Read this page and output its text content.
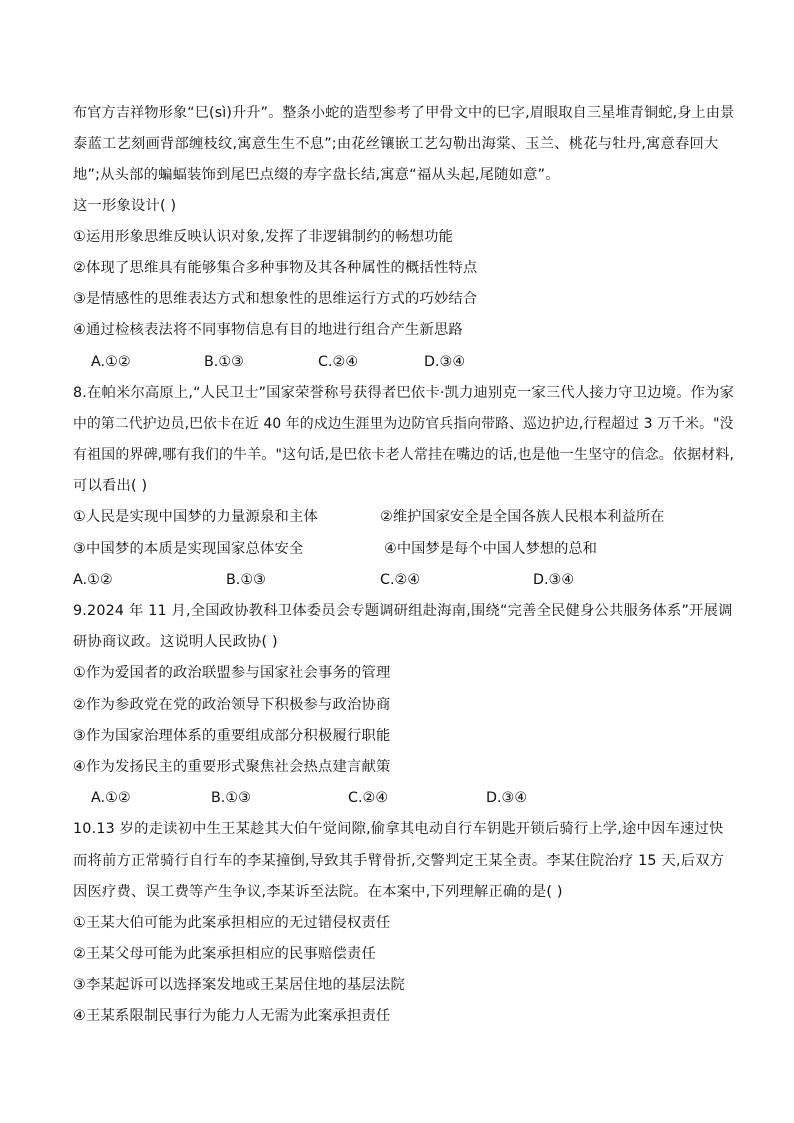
布官方吉祥物形象“巳(sì)升升”。整条小蛇的造型参考了甲骨文中的巳字,眉眼取自三星堆青铜蛇,身上由景
泰蓝工艺刻画背部缠枝纹,寓意生生不息”;由花丝镶嵌工艺勾勒出海棠、玉兰、桃花与牡丹,寓意春回大
地”;从头部的蝙蝠装饰到尾巴点缀的寿字盘长结,寓意“福从头起,尾随如意”。
这一形象设计( )
①运用形象思维反映认识对象,发挥了非逻辑制约的畅想功能
②体现了思维具有能够集合多种事物及其各种属性的概括性特点
③是情感性的思维表达方式和想象性的思维运行方式的巧妙结合
④通过检核表法将不同事物信息有目的地进行组合产生新思路
A.①②	B.①③	C.②④	D.③④
8.在帕米尔高原上,“人民卫士”国家荣誉称号获得者巴依卡·凯力迪别克一家三代人接力守卫边境。作为家
中的第二代护边员,巴依卡在近 40 年的戍边生涯里为边防官兵指向带路、巡边护边,行程超过 3 万千米。"没
有祖国的界碑,哪有我们的牛羊。"这句话,是巴依卡老人常挂在嘴边的话,也是他一生坚守的信念。依据材料,
可以看出( )
①人民是实现中国梦的力量源泉和主体	②维护国家安全是全国各族人民根本利益所在
③中国梦的本质是实现国家总体安全	④中国梦是每个中国人梦想的总和
A.①②	B.①③	C.②④	D.③④
9.2024 年 11 月,全国政协教科卫体委员会专题调研组赴海南,围绕“完善全民健身公共服务体系”开展调
研协商议政。这说明人民政协( )
①作为爱国者的政治联盟参与国家社会事务的管理
②作为参政党在党的政治领导下积极参与政治协商
③作为国家治理体系的重要组成部分积极履行职能
④作为发扬民主的重要形式聚焦社会热点建言献策
A.①②	B.①③	C.②④	D.③④
10.13 岁的走读初中生王某趁其大伯午觉间隙,偷拿其电动自行车钥匙开锁后骑行上学,途中因车速过快
而将前方正常骑行自行车的李某撞倒,导致其手臂骨折,交警判定王某全责。李某住院治疗 15 天,后双方
因医疗费、误工费等产生争议,李某诉至法院。在本案中,下列理解正确的是( )
①王某大伯可能为此案承担相应的无过错侵权责任
②王某父母可能为此案承担相应的民事赔偿责任
③李某起诉可以选择案发地或王某居住地的基层法院
④王某系限制民事行为能力人无需为此案承担责任
